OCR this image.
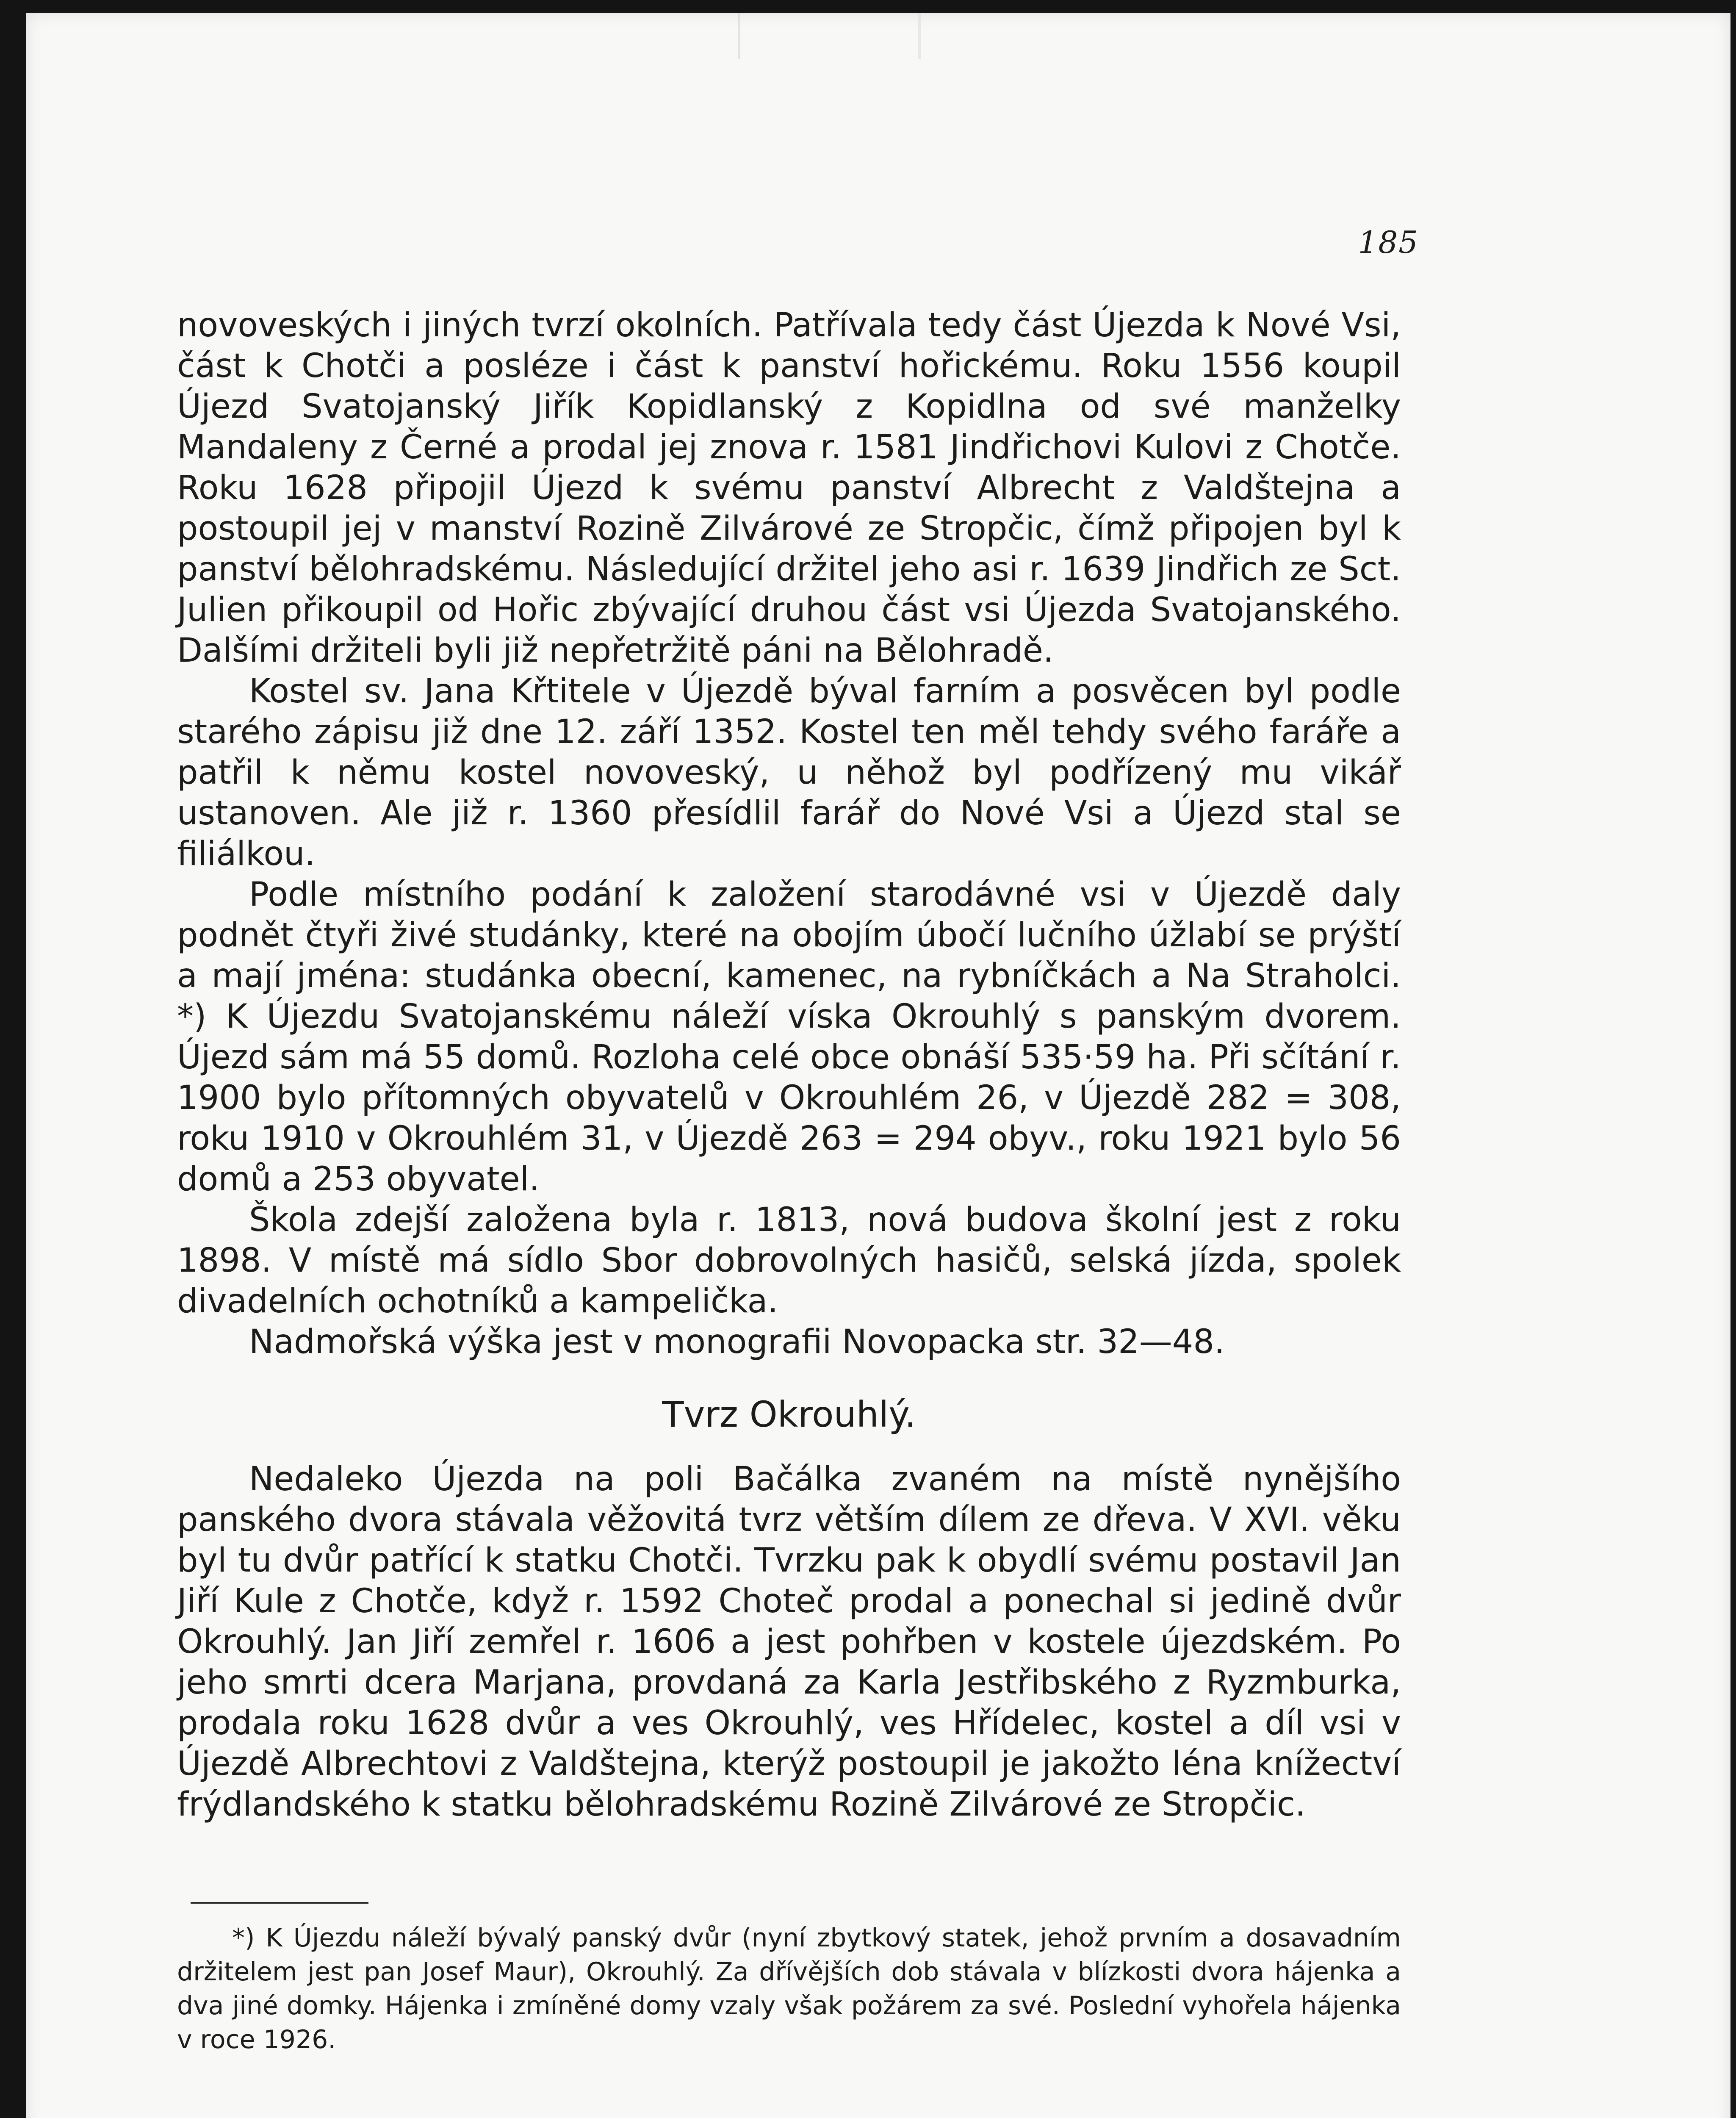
185

novoveských i jiných tvrzí okolních. Patřívala tedy část Újezda k Nové Vsi, část k Chotči a posléze i část k panství hořickému. Roku 1556 koupil Újezd Svatojanský Jiřík Kopidlanský z Kopidlna od své manželky Mandaleny z Černé a prodal jej znova r. 1581 Jindřichovi Kulovi z Chotče. Roku 1628 připojil Újezd k svému panství Albrecht z Valdštejna a postoupil jej v manství Rozině Zilvárové ze Stropčic, čímž připojen byl k panství bělohradskému. Následující držitel jeho asi r. 1639 Jindřich ze Sct. Julien přikoupil od Hořic zbývající druhou část vsi Újezda Svatojanského. Dalšími držiteli byli již nepřetržitě páni na Bělohradě.

Kostel sv. Jana Křtitele v Újezdě býval farním a posvěcen byl podle starého zápisu již dne 12. září 1352. Kostel ten měl tehdy svého faráře a patřil k němu kostel novoveský, u něhož byl podřízený mu vikář ustanoven. Ale již r. 1360 přesídlil farář do Nové Vsi a Újezd stal se filiálkou.

Podle místního podání k založení starodávné vsi v Újezdě daly podnět čtyři živé studánky, které na obojím úbočí lučního úžlabí se prýští a mají jména: studánka obecní, kamenec, na rybníčkách a Na Straholci. *) K Újezdu Svatojanskému náleží víska Okrouhlý s panským dvorem. Újezd sám má 55 domů. Rozloha celé obce obnáší 535·59 ha. Při sčítání r. 1900 bylo přítomných obyvatelů v Okrouhlém 26, v Újezdě 282 = 308, roku 1910 v Okrouhlém 31, v Újezdě 263 = 294 obyv., roku 1921 bylo 56 domů a 253 obyvatel.

Škola zdejší založena byla r. 1813, nová budova školní jest z roku 1898. V místě má sídlo Sbor dobrovolných hasičů, selská jízda, spolek divadelních ochotníků a kampelička.

Nadmořská výška jest v monografii Novopacka str. 32—48.

Tvrz Okrouhlý.

Nedaleko Újezda na poli Bačálka zvaném na místě nynějšího panského dvora stávala věžovitá tvrz větším dílem ze dřeva. V XVI. věku byl tu dvůr patřící k statku Chotči. Tvrzku pak k obydlí svému postavil Jan Jiří Kule z Chotče, když r. 1592 Choteč prodal a ponechal si jedině dvůr Okrouhlý. Jan Jiří zemřel r. 1606 a jest pohřben v kostele újezdském. Po jeho smrti dcera Marjana, provdaná za Karla Jestřibského z Ryzmburka, prodala roku 1628 dvůr a ves Okrouhlý, ves Hřídelec, kostel a díl vsi v Újezdě Albrechtovi z Valdštejna, kterýž postoupil je jakožto léna knížectví frýdlandského k statku bělohradskému Rozině Zilvárové ze Stropčic.

*) K Újezdu náleží bývalý panský dvůr (nyní zbytkový statek, jehož prvním a dosavadním držitelem jest pan Josef Maur), Okrouhlý. Za dřívějších dob stávala v blízkosti dvora hájenka a dva jiné domky. Hájenka i zmíněné domy vzaly však požárem za své. Poslední vyhořela hájenka v roce 1926.
